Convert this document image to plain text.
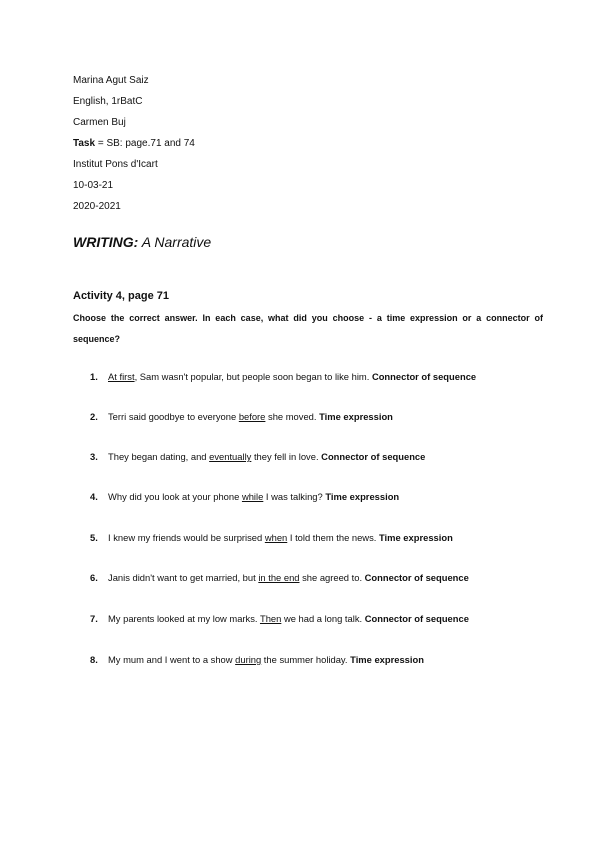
Marina Agut Saiz
English, 1rBatC
Carmen Buj
Task = SB: page.71 and 74
Institut Pons d'Icart
10-03-21
2020-2021
WRITING: A Narrative
Activity 4, page 71
Choose the correct answer. In each case, what did you choose - a time expression or a connector of sequence?
1. At first, Sam wasn't popular, but people soon began to like him. Connector of sequence
2. Terri said goodbye to everyone before she moved. Time expression
3. They began dating, and eventually they fell in love. Connector of sequence
4. Why did you look at your phone while I was talking? Time expression
5. I knew my friends would be surprised when I told them the news. Time expression
6. Janis didn't want to get married, but in the end she agreed to. Connector of sequence
7. My parents looked at my low marks. Then we had a long talk. Connector of sequence
8. My mum and I went to a show during the summer holiday. Time expression
